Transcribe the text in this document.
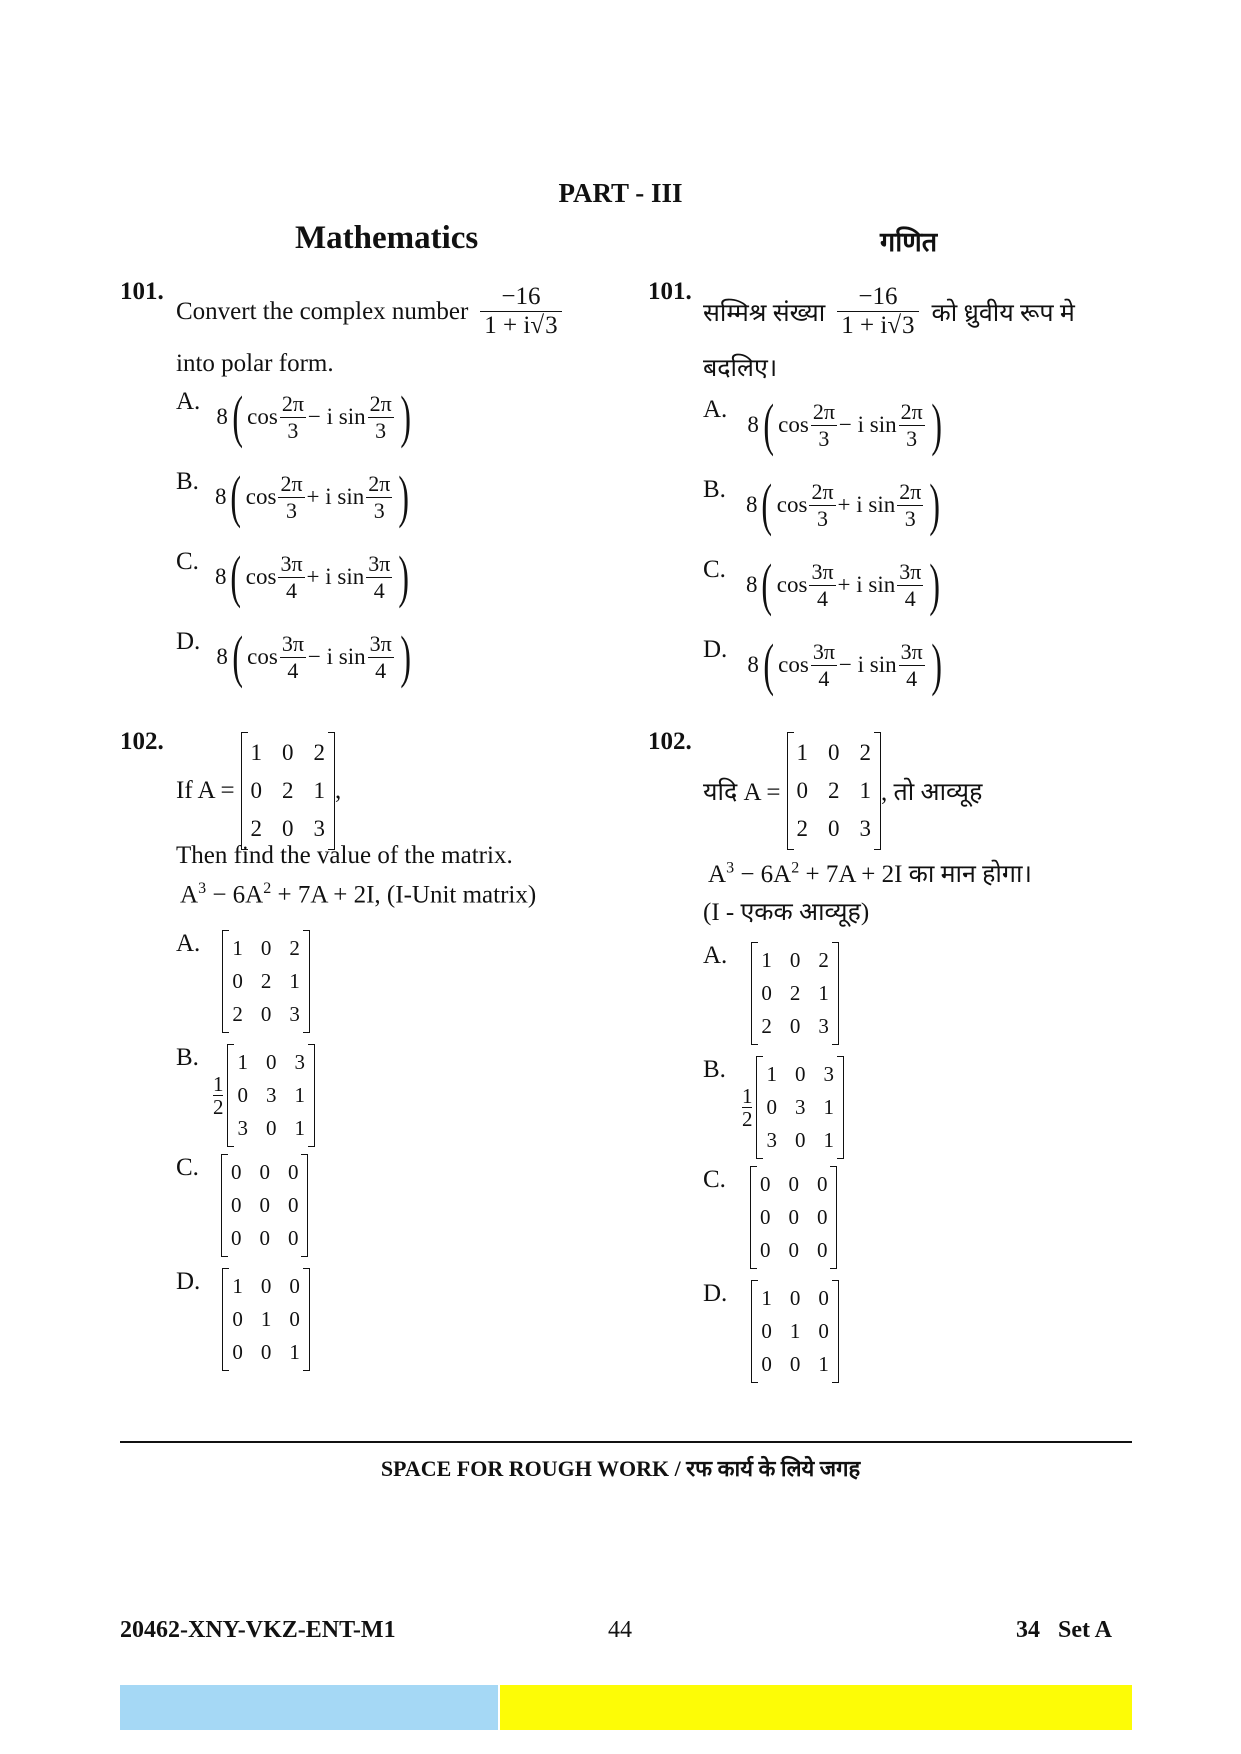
PART - III
Mathematics	गणित
101.
Convert the complex number $\frac{-16}{1 + i√3}$
into polar form.
A.
8 ( $\cos \frac{2\pi}{3} - i$ $\sin \frac{2\pi}{3}$ )
B.
8 ( $\cos \frac{2\pi}{3} + i$ $\sin \frac{2\pi}{3}$ )
C.
8 ( $\cos \frac{3\pi}{4} + i$ $\sin \frac{3\pi}{4}$ )
D.
8 ( $\cos \frac{3\pi}{4} - i$ $\sin \frac{3\pi}{4}$ )
101.
सम्मिश्र संख्या $\frac{-16}{1 + i√3}$ को ध्रुवीय रूप मे
बदलिए।
A.
8 ( $\cos \frac{2\pi}{3} - i$ $\sin \frac{2\pi}{3}$ )
B.
8 ( $\cos \frac{2\pi}{3} + i$ $\sin \frac{2\pi}{3}$ )
C.
8 ( $\cos \frac{3\pi}{4} + i$ $\sin \frac{3\pi}{4}$ )
D.
8 ( $\cos \frac{3\pi}{4} - i$ $\sin \frac{3\pi}{4}$ )
102.
If A =
1 0 2
0 2 1
2 0 3
,
Then find the value of the matrix.
$A^3 - 6A^2 + 7A + 2I$, (I-Unit matrix)
A. 1 0 2
0 2 1
2 0 3
B.
$\frac{1}{2}$
1 0 3
0 3 1
3 0 1
C. 0 0 0
0 0 0
0 0 0
D. 1 0 0
0 1 0
0 0 1
102.
यदि A =
1 0 2
0 2 1
2 0 3
, तो आव्यूह
$A^3 - 6A^2 + 7A + 2I$ का मान होगा।
(I - एकक आव्यूह)
A. 1 0 2
0 2 1
2 0 3
B.
$\frac{1}{2}$
1 0 3
0 3 1
3 0 1
C. 0 0 0
0 0 0
0 0 0
D. 1 0 0
0 1 0
0 0 1
SPACE FOR ROUGH WORK / रफ कार्य के लिये जगह
20462-XNY-VKZ-ENT-M1	44	34   Set A
